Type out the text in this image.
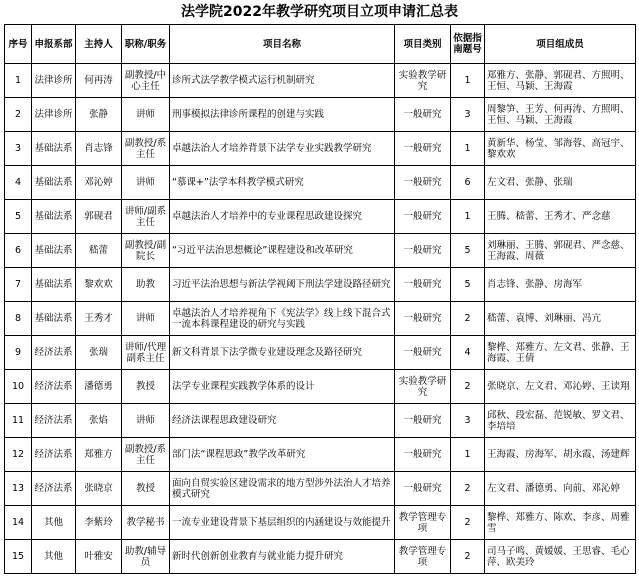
法学院2022年教学研究项目立项申请汇总表
序号	申报系部	主持人	职称/职务	项目名称	项目类别	依据指南题号	项目组成员
1	法律诊所	何再涛	副教授/中心主任	诊所式法学教学模式运行机制研究	实验教学研究	1	郑雅方、张静、郭砚君、方照明、王恒、马颖、王海霞
2	法律诊所	张静	讲师	刑事模拟法律诊所课程的创建与实践	一般研究	3	周黎笋、王芳、何再涛、方照明、王恒、马颖、王海霞
3	基础法系	肖志锋	副教授/系主任	卓越法治人才培养背景下法学专业实践教学研究	一般研究	1	黄新华、杨莹、邹海蓉、高冠宇、黎欢欢
4	基础法系	邓沁婷	讲师	“慕课+”法学本科教学模式研究	一般研究	6	左文君、张静、张瑞
5	基础法系	郭砚君	讲师/副系主任	卓越法治人才培养中的专业课程思政建设探究	一般研究	1	王腾、嵇蕾、王秀才、严念慈
6	基础法系	嵇蕾	副教授/副院长	“习近平法治思想概论”课程建设和改革研究	一般研究	5	刘琳丽、王腾、郭砚君、严念慈、王海霞、周薇
7	基础法系	黎欢欢	助教	习近平法治思想与新法学视阈下刑法学建设路径研究	一般研究	5	肖志锋、张静、房海军
8	基础法系	王秀才	讲师	卓越法治人才培养视角下《宪法学》线上线下混合式一流本科课程建设的研究与实践	一般研究	2	嵇蕾、袁博、刘琳丽、冯亢
9	经济法系	张瑞	讲师/代理副系主任	新文科背景下法学微专业建设理念及路径研究	一般研究	4	黎桦、郑雅方、左文君、张静、王海霞、王倩
10	经济法系	潘德勇	教授	法学专业课程实践教学体系的设计	实验教学研究	2	张晓京、左文君、邓沁婷、王读翔
11	经济法系	张焰	讲师	经济法课程思政建设研究	一般研究	3	邱秋、段宏磊、范锐敏、罗文君、李培培
12	经济法系	郑雅方	副教授/系主任	部门法“课程思政”教学改革研究	一般研究	1	王海霞、房海军、胡永霞、汤建辉
13	经济法系	张晓京	教授	面向自贸实验区建设需求的地方型涉外法治人才培养模式研究	一般研究	2	左文君、潘德勇、向前、邓沁婷
14	其他	李紫玲	教学秘书	一流专业建设背景下基层组织的内涵建设与效能提升	教学管理专项	2	黎桦、郑雅方、陈欢、李彦、周雅雪
15	其他	叶雅安	助教/辅导员	新时代创新创业教育与就业能力提升研究	教学管理专项	2	司马子鸣、黄媛媛、王思睿、毛心萍、欧美玲
